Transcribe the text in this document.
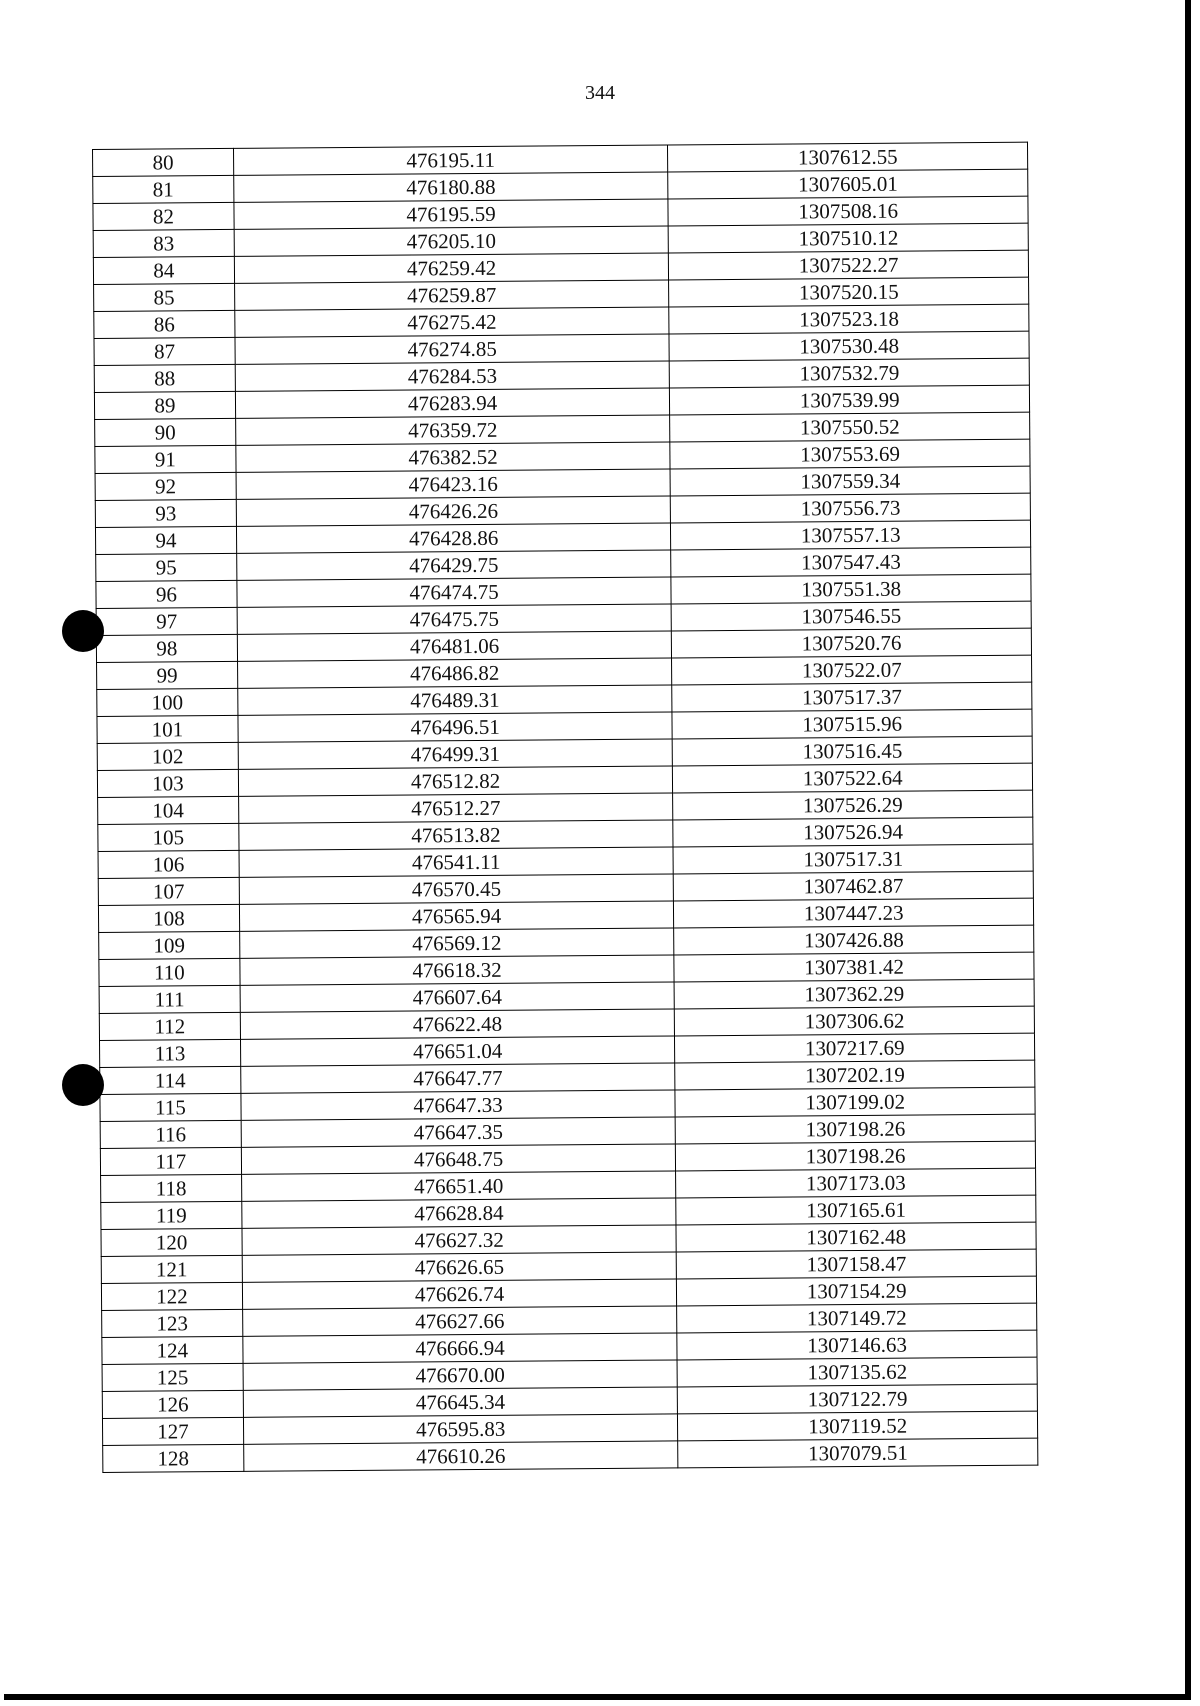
344
80	476195.11	1307612.55
81	476180.88	1307605.01
82	476195.59	1307508.16
83	476205.10	1307510.12
84	476259.42	1307522.27
85	476259.87	1307520.15
86	476275.42	1307523.18
87	476274.85	1307530.48
88	476284.53	1307532.79
89	476283.94	1307539.99
90	476359.72	1307550.52
91	476382.52	1307553.69
92	476423.16	1307559.34
93	476426.26	1307556.73
94	476428.86	1307557.13
95	476429.75	1307547.43
96	476474.75	1307551.38
97	476475.75	1307546.55
98	476481.06	1307520.76
99	476486.82	1307522.07
100	476489.31	1307517.37
101	476496.51	1307515.96
102	476499.31	1307516.45
103	476512.82	1307522.64
104	476512.27	1307526.29
105	476513.82	1307526.94
106	476541.11	1307517.31
107	476570.45	1307462.87
108	476565.94	1307447.23
109	476569.12	1307426.88
110	476618.32	1307381.42
111	476607.64	1307362.29
112	476622.48	1307306.62
113	476651.04	1307217.69
114	476647.77	1307202.19
115	476647.33	1307199.02
116	476647.35	1307198.26
117	476648.75	1307198.26
118	476651.40	1307173.03
119	476628.84	1307165.61
120	476627.32	1307162.48
121	476626.65	1307158.47
122	476626.74	1307154.29
123	476627.66	1307149.72
124	476666.94	1307146.63
125	476670.00	1307135.62
126	476645.34	1307122.79
127	476595.83	1307119.52
128	476610.26	1307079.51
